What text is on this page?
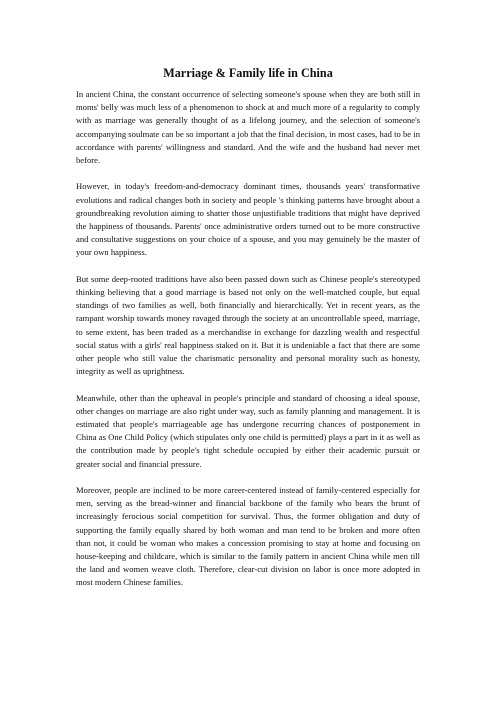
Marriage & Family life in China

In ancient China, the constant occurrence of selecting someone's spouse when they are both still in moms' belly was much less of a phenomenon to shock at and much more of a regularity to comply with as marriage was generally thought of as a lifelong journey, and the selection of someone's accompanying soulmate can be so important a job that the final decision, in most cases, had to be in accordance with parents' willingness and standard. And the wife and the husband had never met before.

However, in today's freedom-and-democracy dominant times, thousands years' transformative evolutions and radical changes both in society and people 's thinking patterns have brought about a groundbreaking revolution aiming to shatter those unjustifiable traditions that might have deprived the happiness of thousands. Parents' once administrative orders turned out to be more constructive and consultative suggestions on your choice of a spouse, and you may genuinely be the master of your own happiness.

But some deep-rooted traditions have also been passed down such as Chinese people's stereotyped thinking believing that a good marriage is based not only on the well-matched couple, but equal standings of two families as well, both financially and hierarchically. Yet in recent years, as the rampant worship towards money ravaged through the society at an uncontrollable speed, marriage, to seme extent, has been traded as a merchandise in exchange for dazzling wealth and respectful social status with a girls' real happiness staked on it. But it is undeniable a fact that there are some other people who still value the charismatic personality and personal morality such as honesty, integrity as well as uprightness.

Meanwhile, other than the upheaval in people's principle and standard of choosing a ideal spouse, other changes on marriage are also right under way, such as family planning and management. It is estimated that people's marriageable age has undergone recurring chances of postponement in China as One Child Policy (which stipulates only one child is permitted) plays a part in it as well as the contribution made by people's tight schedule occupied by either their academic pursuit or greater social and financial pressure.

Moreover, people are inclined to be more career-centered instead of family-centered especially for men, serving as the bread-winner and financial backbone of the family who bears the brunt of increasingly ferocious social competition for survival. Thus, the former obligation and duty of supporting the family equally shared by both woman and man tend to be broken and more often than not, it could be woman who makes a concession promising to stay at home and focusing on house-keeping and childcare, which is similar to the family pattern in ancient China while men till the land and women weave cloth. Therefore, clear-cut division on labor is once more adopted in most modern Chinese families.
